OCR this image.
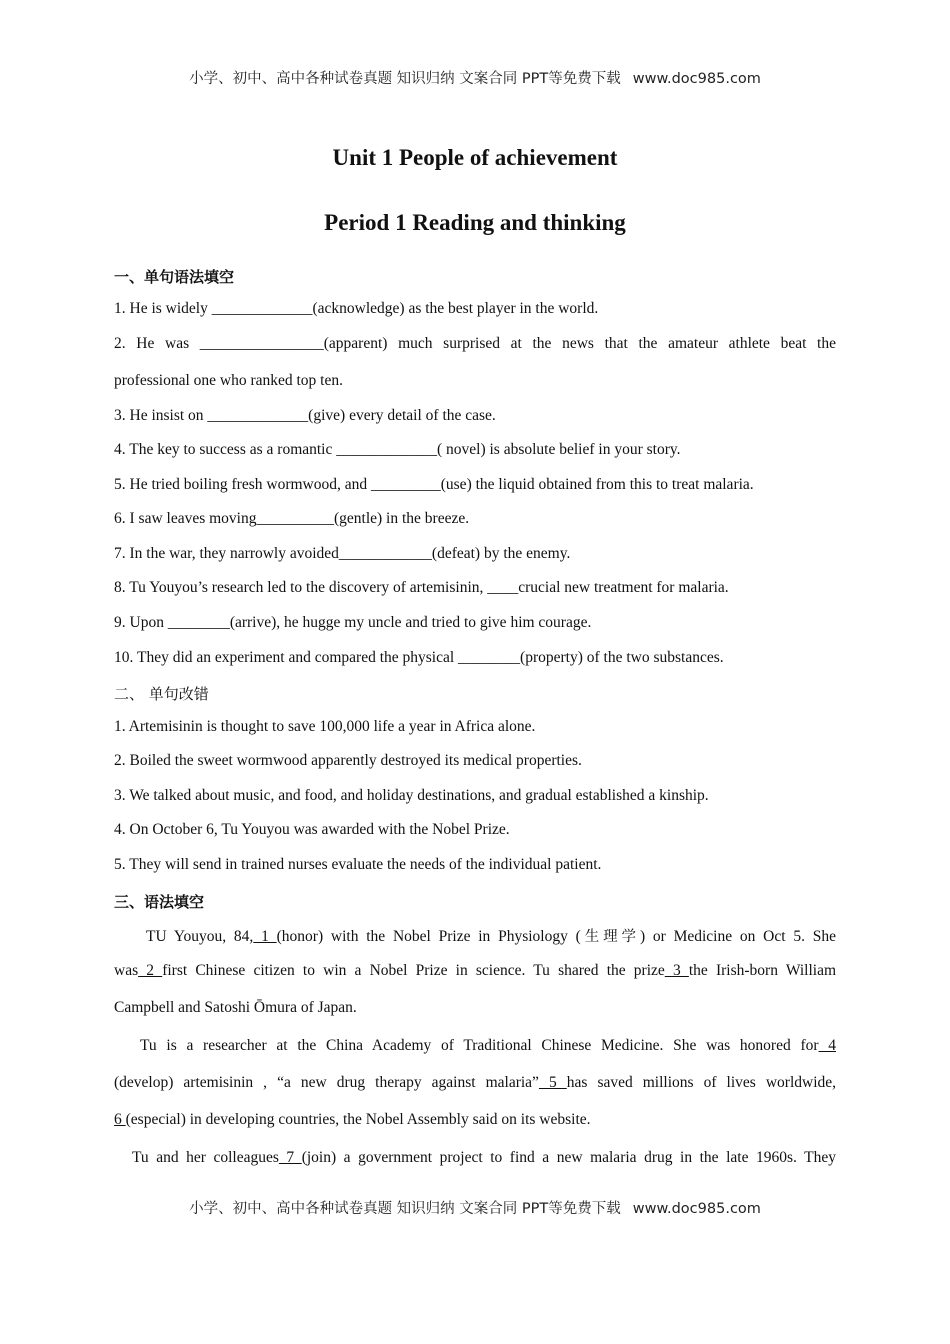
小学、初中、高中各种试卷真题 知识归纳 文案合同 PPT等免费下载 www.doc985.com
Unit 1 People of achievement
Period 1 Reading and thinking
一、单句语法填空
1. He is widely _____________(acknowledge) as the best player in the world.
2. He was ________________(apparent) much surprised at the news that the amateur athlete beat the
professional one who ranked top ten.
3. He insist on _____________(give) every detail of the case.
4. The key to success as a romantic _____________( novel) is absolute belief in your story.
5. He tried boiling fresh wormwood, and _________(use) the liquid obtained from this to treat malaria.
6. I saw leaves moving__________(gentle) in the breeze.
7. In the war, they narrowly avoided____________(defeat) by the enemy.
8. Tu Youyou’s research led to the discovery of artemisinin, ____crucial new treatment for malaria.
9. Upon ________(arrive), he hugge my uncle and tried to give him courage.
10. They did an experiment and compared the physical ________(property) of the two substances.
二、 单句改错
1. Artemisinin is thought to save 100,000 life a year in Africa alone.
2. Boiled the sweet wormwood apparently destroyed its medical properties.
3. We talked about music, and food, and holiday destinations, and gradual established a kinship.
4. On October 6, Tu Youyou was awarded with the Nobel Prize.
5. They will send in trained nurses evaluate the needs of the individual patient.
三、语法填空
TU Youyou, 84, 1 (honor) with the Nobel Prize in Physiology (生理学) or Medicine on Oct 5. She
was 2 first Chinese citizen to win a Nobel Prize in science. Tu shared the prize 3 the Irish-born William
Campbell and Satoshi Ōmura of Japan.
Tu is a researcher at the China Academy of Traditional Chinese Medicine. She was honored for 4
(develop) artemisinin , “a new drug therapy against malaria” 5 has saved millions of lives worldwide,
6 (especial) in developing countries, the Nobel Assembly said on its website.
Tu and her colleagues 7 (join) a government project to find a new malaria drug in the late 1960s. They
小学、初中、高中各种试卷真题 知识归纳 文案合同 PPT等免费下载 www.doc985.com
